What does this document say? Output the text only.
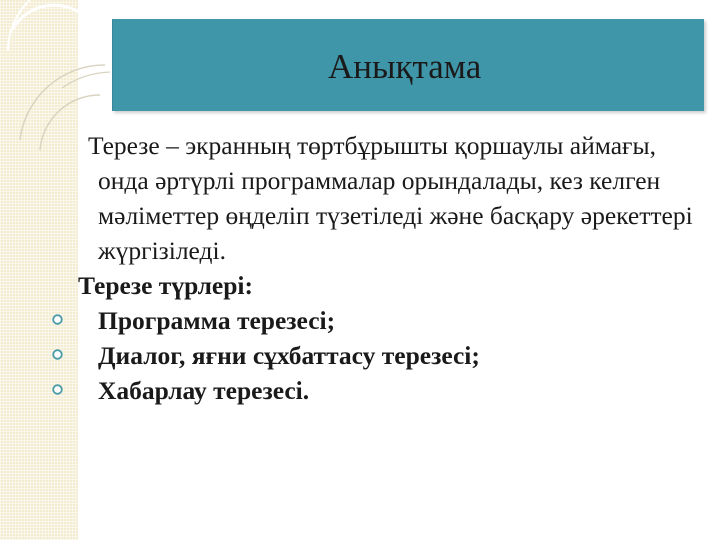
Анықтама

Терезе – экранның төртбұрышты қоршаулы аймағы, онда әртүрлі программалар орындалады, кез келген мәліметтер өңделіп түзетіледі және басқару әрекеттері жүргізіледі.

Терезе түрлері:

Программа терезесі;
Диалог, яғни сұхбаттасу терезесі;
Хабарлау терезесі.
